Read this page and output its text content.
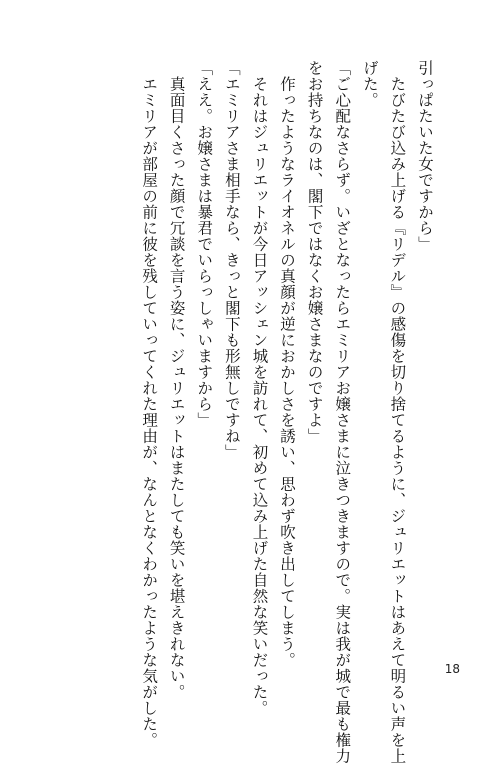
引っぱたいた女ですから」
たびたび込み上げる『リデル』の感傷を切り捨てるように、ジュリエットはあえて明るい声を上
げた。
「ご心配なさらず。いざとなったらエミリアお嬢さまに泣きつきますので。実は我が城で最も権力
をお持ちなのは、閣下ではなくお嬢さまなのですよ」
作ったようなライオネルの真顔が逆におかしさを誘い、思わず吹き出してしまう。
それはジュリエットが今日アッシェン城を訪れて、初めて込み上げた自然な笑いだった。
「エミリアさま相手なら、きっと閣下も形無しですね」
「ええ。お嬢さまは暴君でいらっしゃいますから」
真面目くさった顔で冗談を言う姿に、ジュリエットはまたしても笑いを堪えきれない。
エミリアが部屋の前に彼を残していってくれた理由が、なんとなくわかったような気がした。	18
